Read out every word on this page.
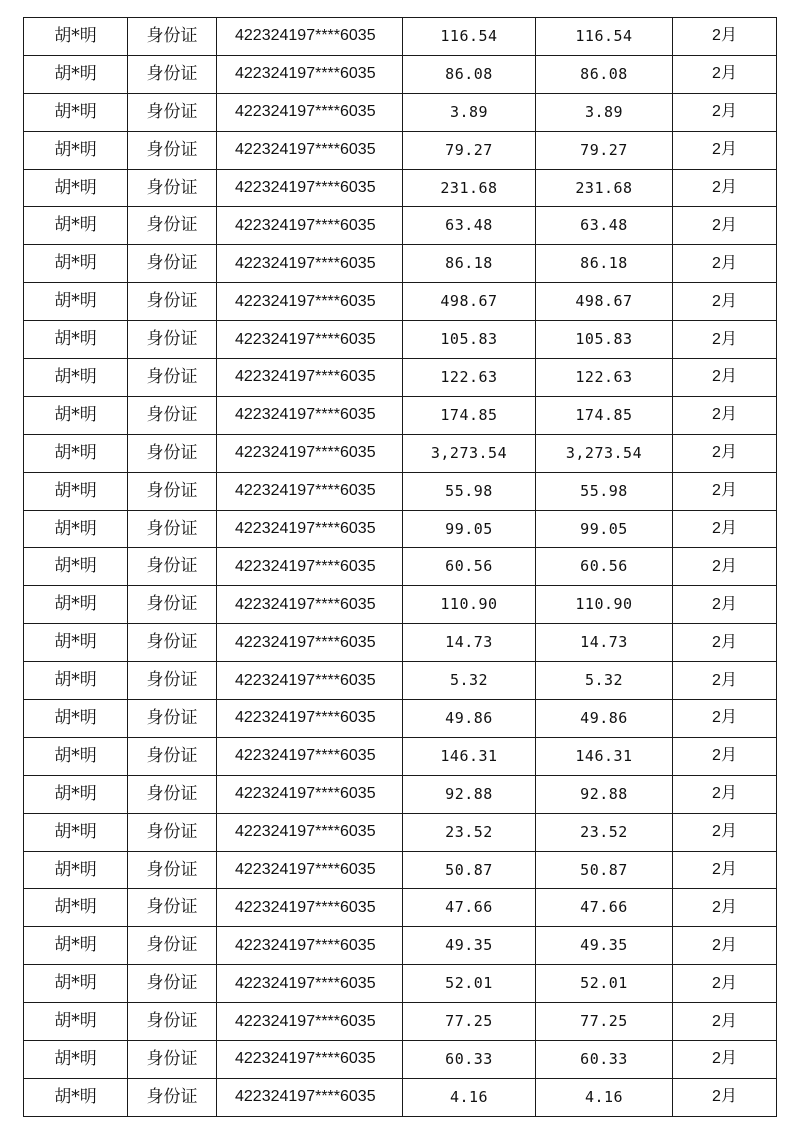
胡*明	身份证	422324197****6035	116.54	116.54	2月
胡*明	身份证	422324197****6035	86.08	86.08	2月
胡*明	身份证	422324197****6035	3.89	3.89	2月
胡*明	身份证	422324197****6035	79.27	79.27	2月
胡*明	身份证	422324197****6035	231.68	231.68	2月
胡*明	身份证	422324197****6035	63.48	63.48	2月
胡*明	身份证	422324197****6035	86.18	86.18	2月
胡*明	身份证	422324197****6035	498.67	498.67	2月
胡*明	身份证	422324197****6035	105.83	105.83	2月
胡*明	身份证	422324197****6035	122.63	122.63	2月
胡*明	身份证	422324197****6035	174.85	174.85	2月
胡*明	身份证	422324197****6035	3,273.54	3,273.54	2月
胡*明	身份证	422324197****6035	55.98	55.98	2月
胡*明	身份证	422324197****6035	99.05	99.05	2月
胡*明	身份证	422324197****6035	60.56	60.56	2月
胡*明	身份证	422324197****6035	110.90	110.90	2月
胡*明	身份证	422324197****6035	14.73	14.73	2月
胡*明	身份证	422324197****6035	5.32	5.32	2月
胡*明	身份证	422324197****6035	49.86	49.86	2月
胡*明	身份证	422324197****6035	146.31	146.31	2月
胡*明	身份证	422324197****6035	92.88	92.88	2月
胡*明	身份证	422324197****6035	23.52	23.52	2月
胡*明	身份证	422324197****6035	50.87	50.87	2月
胡*明	身份证	422324197****6035	47.66	47.66	2月
胡*明	身份证	422324197****6035	49.35	49.35	2月
胡*明	身份证	422324197****6035	52.01	52.01	2月
胡*明	身份证	422324197****6035	77.25	77.25	2月
胡*明	身份证	422324197****6035	60.33	60.33	2月
胡*明	身份证	422324197****6035	4.16	4.16	2月
